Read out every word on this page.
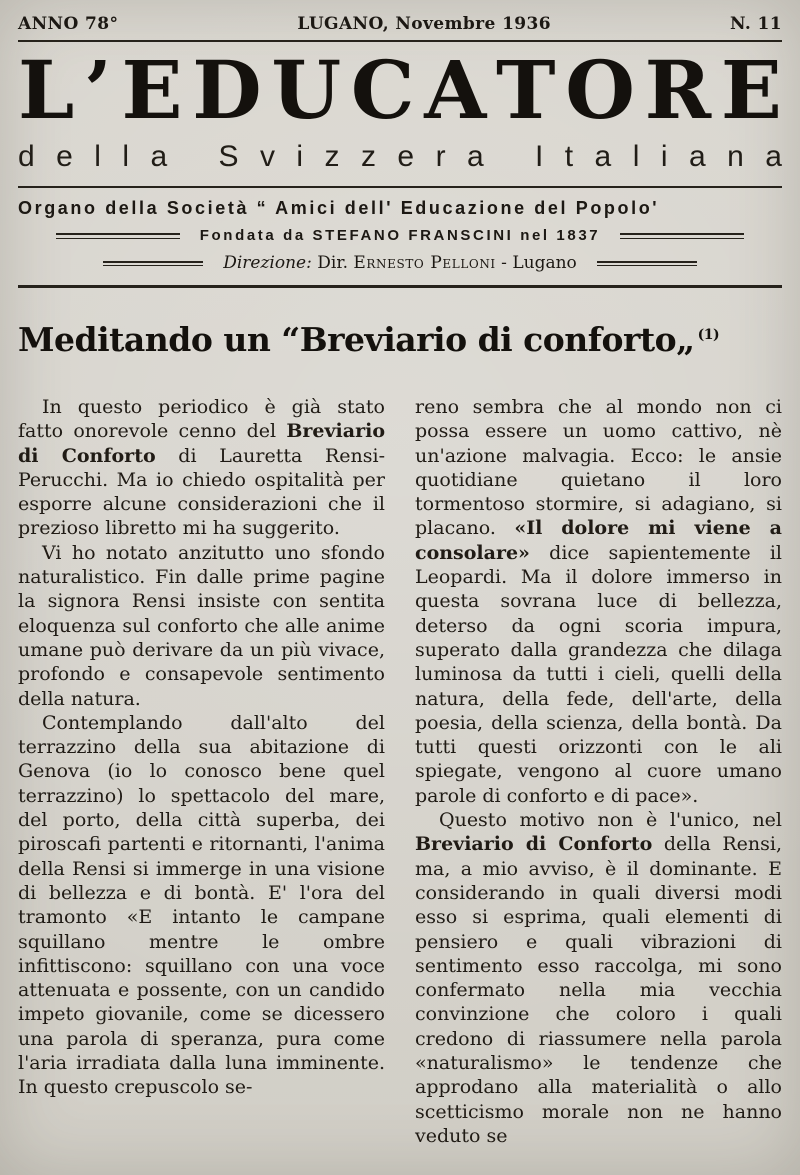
ANNO 78°	LUGANO, Novembre 1936	N. 11
L ’ E D U C A T O R E
d e l l a
S v i z z e r a
I t a l i a n a
Organo della Società “ Amici dell' Educazione del Popolo'
Fondata da STEFANO FRANSCINI nel 1837
Direzione: Dir. Ernesto Pelloni - Lugano
Meditando un “Breviario di conforto„ $^{(1)}$

In questo periodico è già stato fatto onorevole cenno del Breviario di Conforto di Lauretta Rensi-Perucchi. Ma io chiedo ospitalità per esporre alcune considerazioni che il prezioso libretto mi ha suggerito.

Vi ho notato anzitutto uno sfondo naturalistico. Fin dalle prime pagine la signora Rensi insiste con sentita eloquenza sul conforto che alle anime umane può derivare da un più vivace, profondo e consapevole sentimento della natura.

Contemplando dall'alto del terrazzino della sua abitazione di Genova (io lo conosco bene quel terrazzino) lo spettacolo del mare, del porto, della città superba, dei piroscafi partenti e ritornanti, l'anima della Rensi si immerge in una visione di bellezza e di bontà. E' l'ora del tramonto «E intanto le campane squillano mentre le ombre infittiscono: squillano con una voce attenuata e possente, con un candido impeto giovanile, come se dicessero una parola di speranza, pura come l'aria irradiata dalla luna imminente. In questo crepuscolo se-

reno sembra che al mondo non ci possa essere un uomo cattivo, nè un'azione malvagia. Ecco: le ansie quotidiane quietano il loro tormentoso stormire, si adagiano, si placano. «Il dolore mi viene a consolare» dice sapientemente il Leopardi. Ma il dolore immerso in questa sovrana luce di bellezza, deterso da ogni scoria impura, superato dalla grandezza che dilaga luminosa da tutti i cieli, quelli della natura, della fede, dell'arte, della poesia, della scienza, della bontà. Da tutti questi orizzonti con le ali spiegate, vengono al cuore umano parole di conforto e di pace».

Questo motivo non è l'unico, nel Breviario di Conforto della Rensi, ma, a mio avviso, è il dominante. E considerando in quali diversi modi esso si esprima, quali elementi di pensiero e quali vibrazioni di sentimento esso raccolga, mi sono confermato nella mia vecchia convinzione che coloro i quali credono di riassumere nella parola «naturalismo» le tendenze che approdano alla materialità o allo scetticismo morale non ne hanno veduto se
